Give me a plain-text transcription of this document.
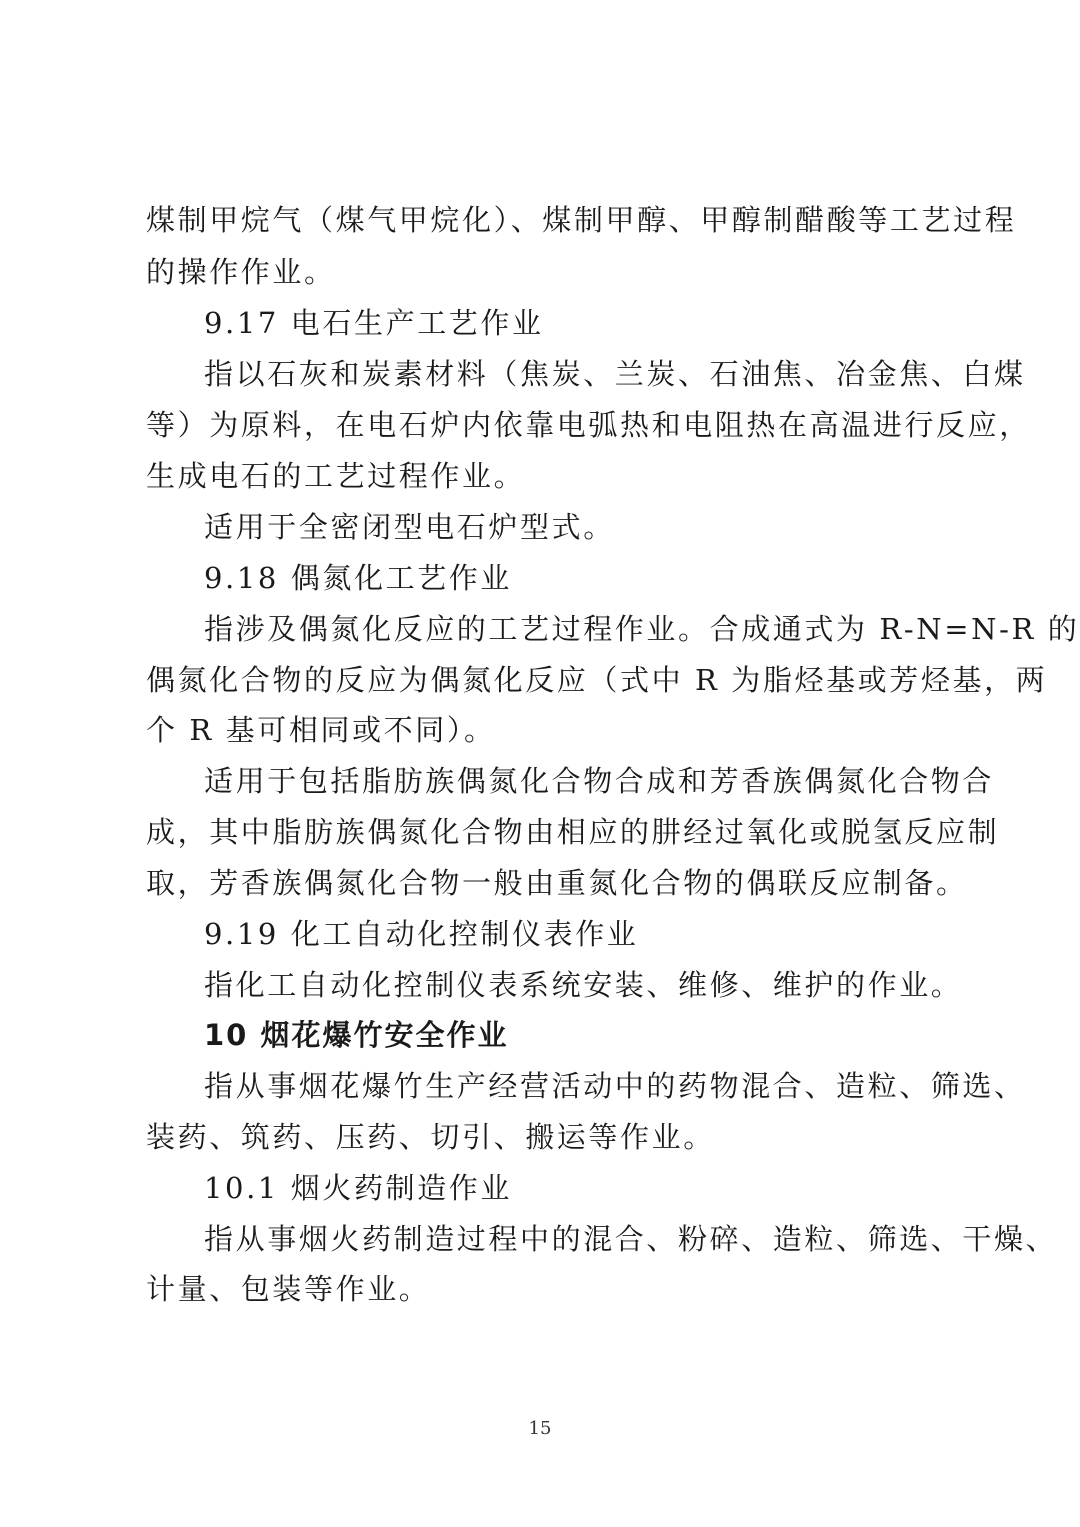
煤制甲烷气（煤气甲烷化）、煤制甲醇、甲醇制醋酸等工艺过程
的操作作业。
9.17 电石生产工艺作业
指以石灰和炭素材料（焦炭、兰炭、石油焦、冶金焦、白煤
等）为原料，在电石炉内依靠电弧热和电阻热在高温进行反应，
生成电石的工艺过程作业。
适用于全密闭型电石炉型式。
9.18 偶氮化工艺作业
指涉及偶氮化反应的工艺过程作业。合成通式为 R-N=N-R 的
偶氮化合物的反应为偶氮化反应（式中 R 为脂烃基或芳烃基，两
个 R 基可相同或不同）。
适用于包括脂肪族偶氮化合物合成和芳香族偶氮化合物合
成，其中脂肪族偶氮化合物由相应的肼经过氧化或脱氢反应制
取，芳香族偶氮化合物一般由重氮化合物的偶联反应制备。
9.19 化工自动化控制仪表作业
指化工自动化控制仪表系统安装、维修、维护的作业。
10 烟花爆竹安全作业
指从事烟花爆竹生产经营活动中的药物混合、造粒、筛选、
装药、筑药、压药、切引、搬运等作业。
10.1 烟火药制造作业
指从事烟火药制造过程中的混合、粉碎、造粒、筛选、干燥、
计量、包装等作业。
15
